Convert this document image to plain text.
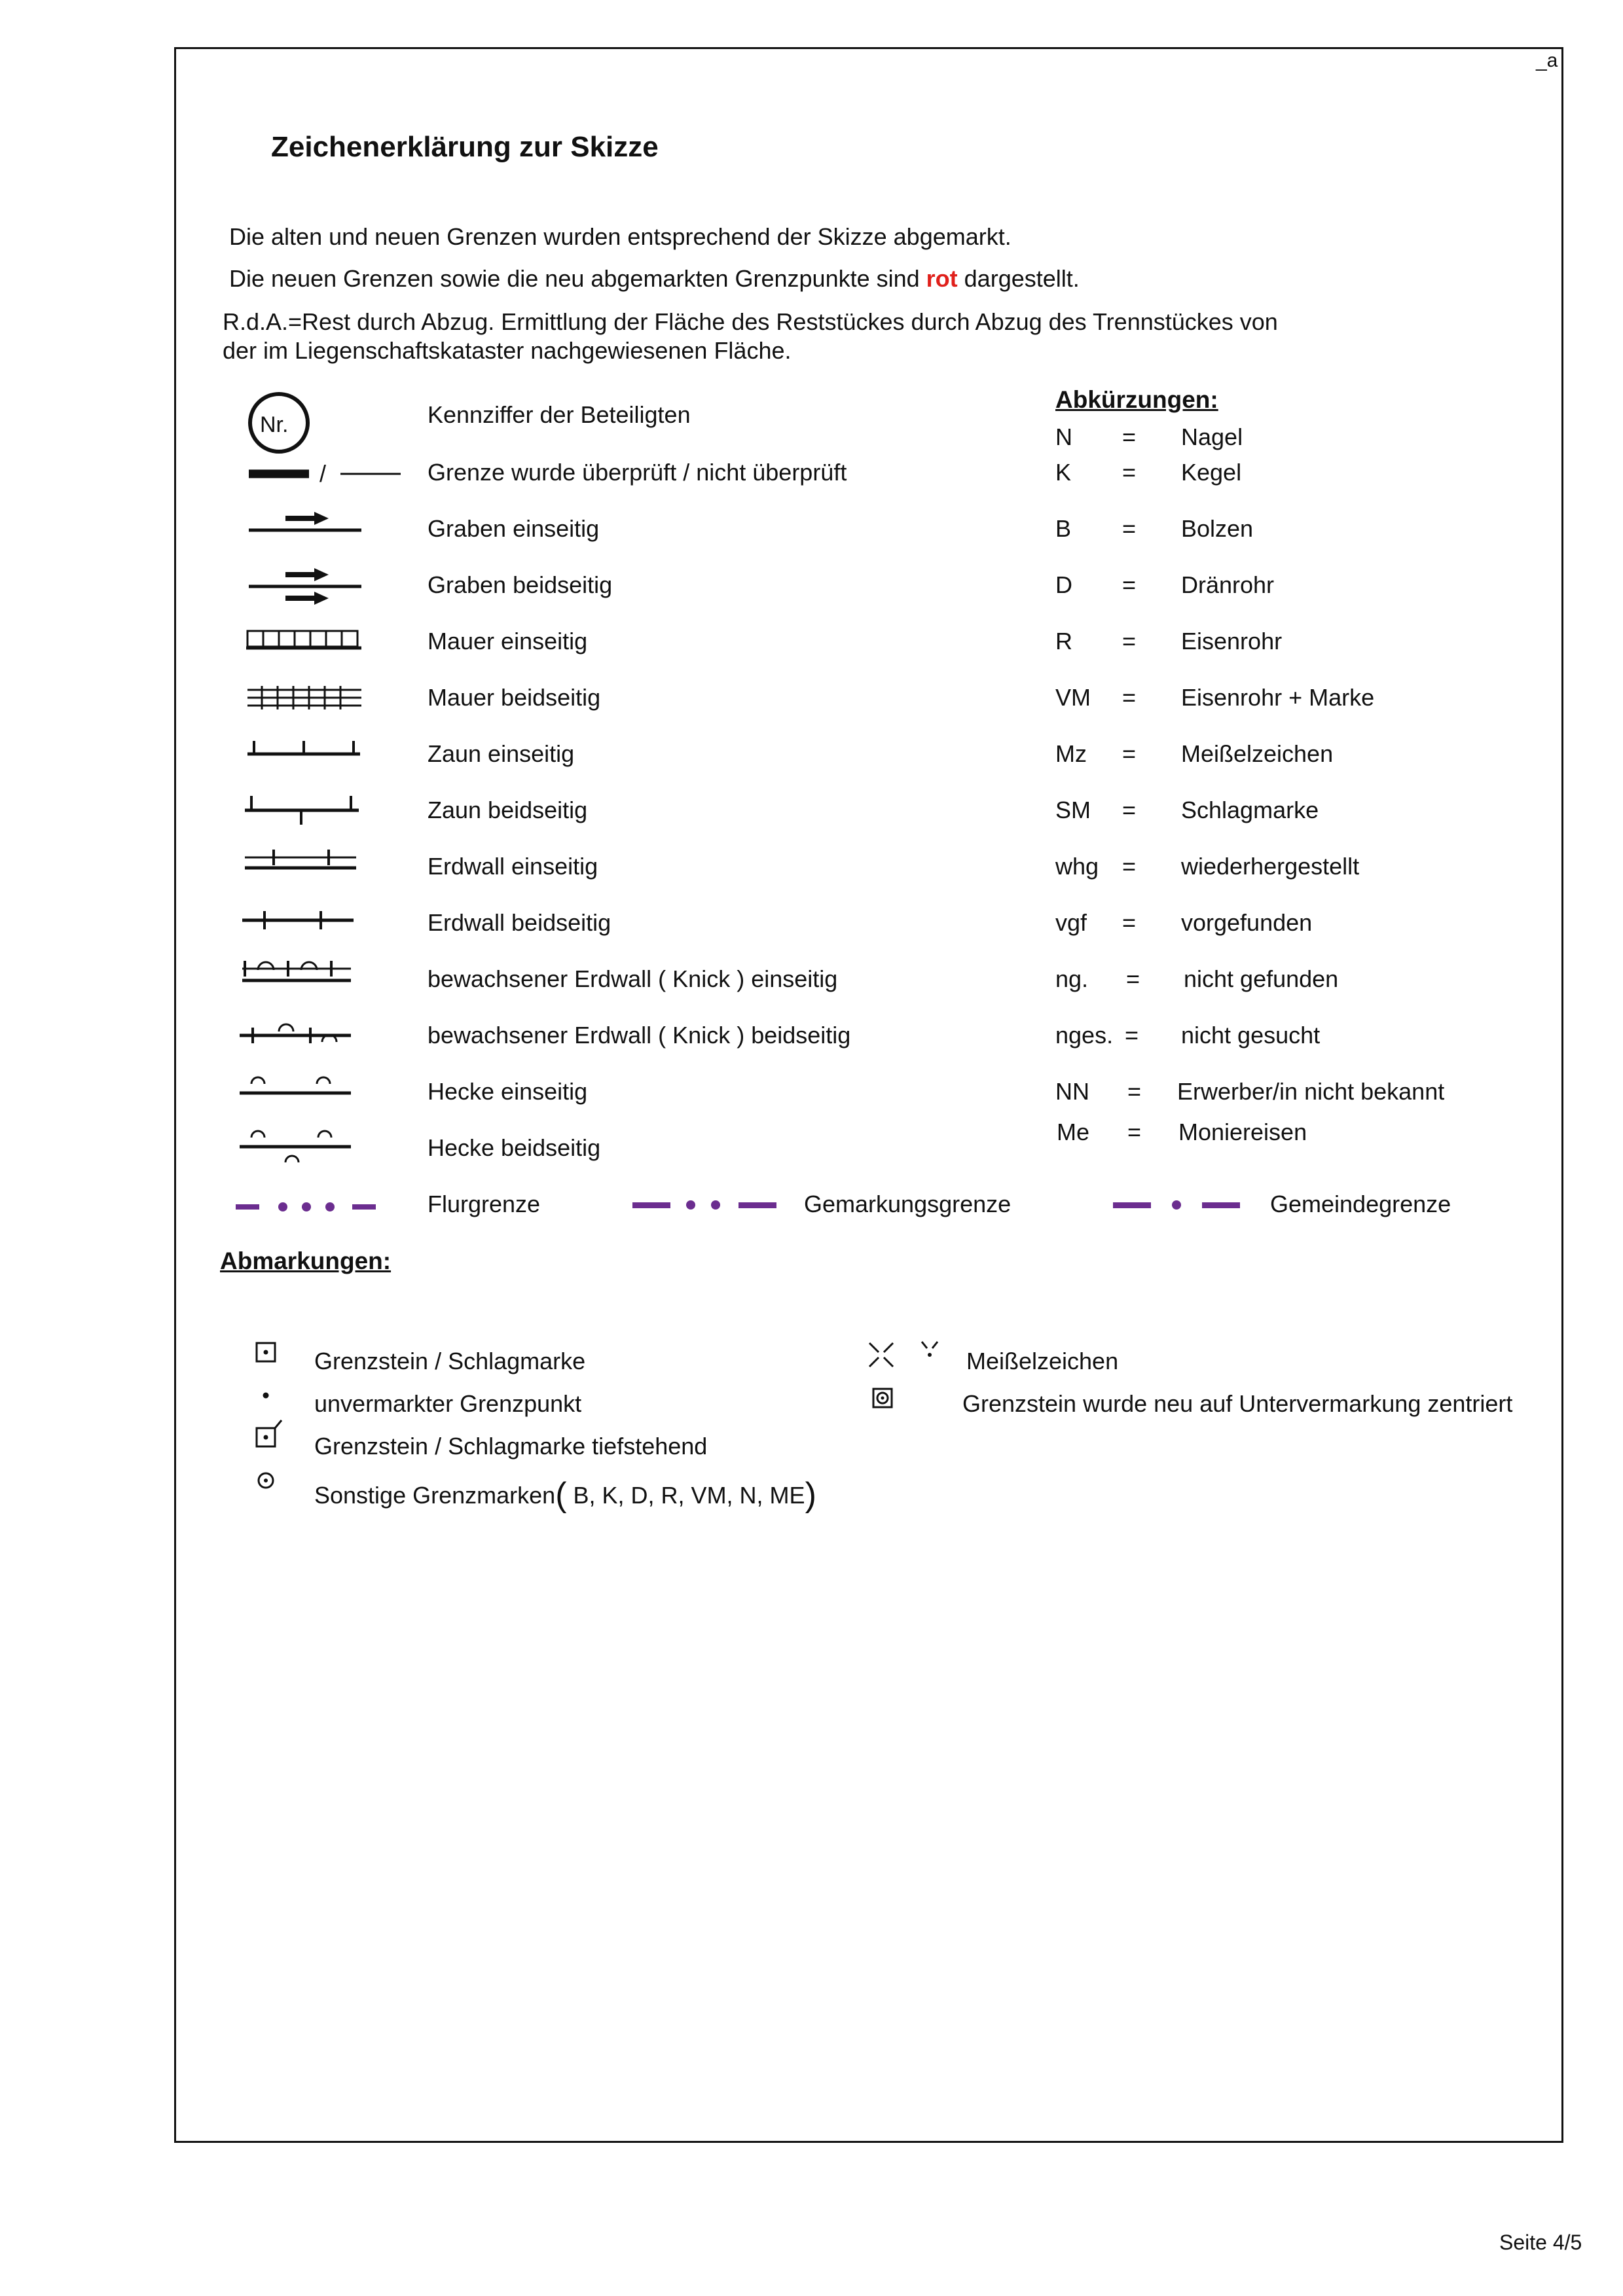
_a
Zeichenerklärung zur Skizze
Die alten und neuen Grenzen wurden entsprechend der Skizze abgemarkt.
Die neuen Grenzen sowie die neu abgemarkten Grenzpunkte sind rot dargestellt.
R.d.A.=Rest durch Abzug. Ermittlung der Fläche des Reststückes durch Abzug des Trennstückes von
der im Liegenschaftskataster nachgewiesenen Fläche.
Nr.
/
Kennziffer der Beteiligten
Grenze wurde überprüft / nicht überprüft
Graben einseitig
Graben beidseitig
Mauer einseitig
Mauer beidseitig
Zaun einseitig
Zaun beidseitig
Erdwall einseitig
Erdwall beidseitig
bewachsener Erdwall ( Knick ) einseitig
bewachsener Erdwall ( Knick ) beidseitig
Hecke einseitig
Hecke beidseitig
Flurgrenze	Gemarkungsgrenze	Gemeindegrenze
Abkürzungen:
N = Nagel
K = Kegel
B = Bolzen
D = Dränrohr
R = Eisenrohr
VM = Eisenrohr + Marke
Mz = Meißelzeichen
SM = Schlagmarke
whg = wiederhergestellt
vgf = vorgefunden
ng. = nicht gefunden
nges. = nicht gesucht
NN = Erwerber/in nicht bekannt
Me = Moniereisen
Abmarkungen:
Grenzstein / Schlagmarke
unvermarkter Grenzpunkt
Grenzstein / Schlagmarke tiefstehend
Sonstige Grenzmarken( B, K, D, R, VM, N, ME)
Meißelzeichen
Grenzstein wurde neu auf Untervermarkung zentriert
Seite 4/5
